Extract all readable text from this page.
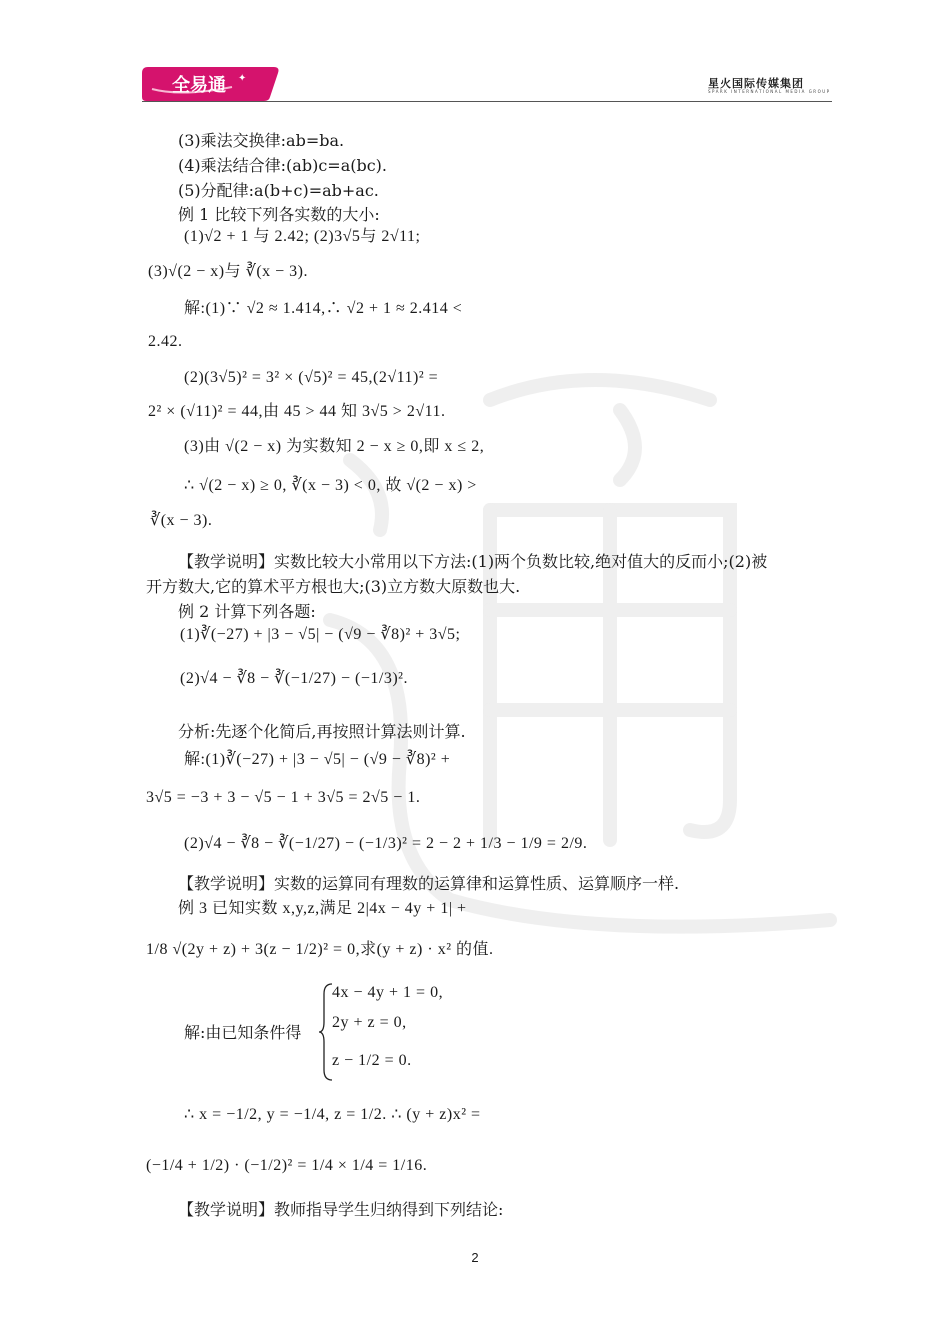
全易通 ✦	星火国际传媒集团
SPARK INTERNATIONAL MEDIA GROUP
(3)乘法交换律:ab=ba.
(4)乘法结合律:(ab)c=a(bc).
(5)分配律:a(b+c)=ab+ac.
例 1 比较下列各实数的大小:
(1)√2 + 1 与 2.42; (2)3√5与 2√11;
(3)√(2 − x)与 ∛(x − 3).
解:(1)∵ √2 ≈ 1.414,∴ √2 + 1 ≈ 2.414 <
2.42.
(2)(3√5)² = 3² × (√5)² = 45,(2√11)² =
2² × (√11)² = 44,由 45 > 44 知 3√5 > 2√11.
(3)由 √(2 − x) 为实数知 2 − x ≥ 0,即 x ≤ 2,
∴ √(2 − x) ≥ 0, ∛(x − 3) < 0, 故 √(2 − x) >
∛(x − 3).
【教学说明】实数比较大小常用以下方法:(1)两个负数比较,绝对值大的反而小;(2)被
开方数大,它的算术平方根也大;(3)立方数大原数也大.
例 2 计算下列各题:
(1)∛(−27) + |3 − √5| − (√9 − ∛8)² + 3√5;
(2)√4 − ∛8 − ∛(−1/27) − (−1/3)².
分析:先逐个化简后,再按照计算法则计算.
解:(1)∛(−27) + |3 − √5| − (√9 − ∛8)² +
3√5 = −3 + 3 − √5 − 1 + 3√5 = 2√5 − 1.
(2)√4 − ∛8 − ∛(−1/27) − (−1/3)² = 2 − 2 + 1/3 − 1/9 = 2/9.
【教学说明】实数的运算同有理数的运算律和运算性质、运算顺序一样.
例 3 已知实数 x,y,z,满足 2|4x − 4y + 1| +
1/8 √(2y + z) + 3(z − 1/2)² = 0,求(y + z) · x² 的值.
解:由已知条件得
4x − 4y + 1 = 0,
2y + z = 0,
z − 1/2 = 0.
∴ x = −1/2, y = −1/4, z = 1/2. ∴ (y + z)x² =
(−1/4 + 1/2) · (−1/2)² = 1/4 × 1/4 = 1/16.
【教学说明】教师指导学生归纳得到下列结论:
2
